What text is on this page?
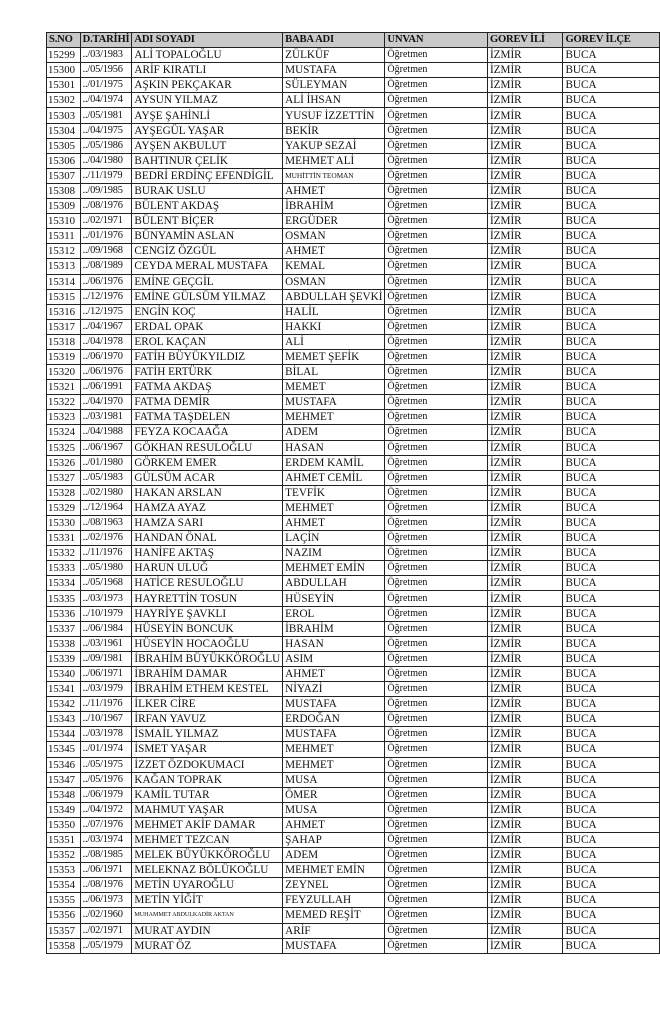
S.NO	D.TARİHİ	ADI SOYADI	BABA ADI	UNVAN	GOREV İLİ	GOREV İLÇE
15299	../03/1983	ALİ TOPALOĞLU	ZÜLKÜF	Öğretmen	İZMİR	BUCA
15300	../05/1956	ARİF KIRATLI	MUSTAFA	Öğretmen	İZMİR	BUCA
15301	../01/1975	AŞKIN PEKÇAKAR	SÜLEYMAN	Öğretmen	İZMİR	BUCA
15302	../04/1974	AYSUN YILMAZ	ALİ İHSAN	Öğretmen	İZMİR	BUCA
15303	../05/1981	AYŞE ŞAHİNLİ	YUSUF İZZETTİN	Öğretmen	İZMİR	BUCA
15304	../04/1975	AYŞEGÜL YAŞAR	BEKİR	Öğretmen	İZMİR	BUCA
15305	../05/1986	AYŞEN AKBULUT	YAKUP SEZAİ	Öğretmen	İZMİR	BUCA
15306	../04/1980	BAHTINUR ÇELİK	MEHMET ALİ	Öğretmen	İZMİR	BUCA
15307	../11/1979	BEDRİ ERDİNÇ EFENDİGİL	MUHİTTİN TEOMAN	Öğretmen	İZMİR	BUCA
15308	../09/1985	BURAK USLU	AHMET	Öğretmen	İZMİR	BUCA
15309	../08/1976	BÜLENT AKDAŞ	İBRAHİM	Öğretmen	İZMİR	BUCA
15310	../02/1971	BÜLENT BİÇER	ERGÜDER	Öğretmen	İZMİR	BUCA
15311	../01/1976	BÜNYAMİN ASLAN	OSMAN	Öğretmen	İZMİR	BUCA
15312	../09/1968	CENGİZ ÖZGÜL	AHMET	Öğretmen	İZMİR	BUCA
15313	../08/1989	CEYDA MERAL MUSTAFA	KEMAL	Öğretmen	İZMİR	BUCA
15314	../06/1976	EMİNE GEÇGİL	OSMAN	Öğretmen	İZMİR	BUCA
15315	../12/1976	EMİNE GÜLSÜM YILMAZ	ABDULLAH ŞEVKİ	Öğretmen	İZMİR	BUCA
15316	../12/1975	ENGİN KOÇ	HALİL	Öğretmen	İZMİR	BUCA
15317	../04/1967	ERDAL OPAK	HAKKI	Öğretmen	İZMİR	BUCA
15318	../04/1978	EROL KAÇAN	ALİ	Öğretmen	İZMİR	BUCA
15319	../06/1970	FATİH BÜYÜKYILDIZ	MEMET ŞEFİK	Öğretmen	İZMİR	BUCA
15320	../06/1976	FATİH ERTÜRK	BİLAL	Öğretmen	İZMİR	BUCA
15321	../06/1991	FATMA AKDAŞ	MEMET	Öğretmen	İZMİR	BUCA
15322	../04/1970	FATMA DEMİR	MUSTAFA	Öğretmen	İZMİR	BUCA
15323	../03/1981	FATMA TAŞDELEN	MEHMET	Öğretmen	İZMİR	BUCA
15324	../04/1988	FEYZA KOCAAĞA	ADEM	Öğretmen	İZMİR	BUCA
15325	../06/1967	GÖKHAN RESULOĞLU	HASAN	Öğretmen	İZMİR	BUCA
15326	../01/1980	GÖRKEM EMER	ERDEM KAMİL	Öğretmen	İZMİR	BUCA
15327	../05/1983	GÜLSÜM ACAR	AHMET CEMİL	Öğretmen	İZMİR	BUCA
15328	../02/1980	HAKAN ARSLAN	TEVFİK	Öğretmen	İZMİR	BUCA
15329	../12/1964	HAMZA AYAZ	MEHMET	Öğretmen	İZMİR	BUCA
15330	../08/1963	HAMZA SARI	AHMET	Öğretmen	İZMİR	BUCA
15331	../02/1976	HANDAN ÖNAL	LAÇİN	Öğretmen	İZMİR	BUCA
15332	../11/1976	HANİFE AKTAŞ	NAZIM	Öğretmen	İZMİR	BUCA
15333	../05/1980	HARUN ULUĞ	MEHMET EMİN	Öğretmen	İZMİR	BUCA
15334	../05/1968	HATİCE RESULOĞLU	ABDULLAH	Öğretmen	İZMİR	BUCA
15335	../03/1973	HAYRETTİN TOSUN	HÜSEYİN	Öğretmen	İZMİR	BUCA
15336	../10/1979	HAYRİYE ŞAVKLI	EROL	Öğretmen	İZMİR	BUCA
15337	../06/1984	HÜSEYİN BONCUK	İBRAHİM	Öğretmen	İZMİR	BUCA
15338	../03/1961	HÜSEYİN HOCAOĞLU	HASAN	Öğretmen	İZMİR	BUCA
15339	../09/1981	İBRAHİM BÜYÜKKÖROĞLU	ASIM	Öğretmen	İZMİR	BUCA
15340	../06/1971	İBRAHİM DAMAR	AHMET	Öğretmen	İZMİR	BUCA
15341	../03/1979	İBRAHİM ETHEM KESTEL	NİYAZİ	Öğretmen	İZMİR	BUCA
15342	../11/1976	İLKER CİRE	MUSTAFA	Öğretmen	İZMİR	BUCA
15343	../10/1967	İRFAN YAVUZ	ERDOĞAN	Öğretmen	İZMİR	BUCA
15344	../03/1978	İSMAİL YILMAZ	MUSTAFA	Öğretmen	İZMİR	BUCA
15345	../01/1974	İSMET YAŞAR	MEHMET	Öğretmen	İZMİR	BUCA
15346	../05/1975	İZZET ÖZDOKUMACI	MEHMET	Öğretmen	İZMİR	BUCA
15347	../05/1976	KAĞAN TOPRAK	MUSA	Öğretmen	İZMİR	BUCA
15348	../06/1979	KAMİL TUTAR	ÖMER	Öğretmen	İZMİR	BUCA
15349	../04/1972	MAHMUT YAŞAR	MUSA	Öğretmen	İZMİR	BUCA
15350	../07/1976	MEHMET AKİF DAMAR	AHMET	Öğretmen	İZMİR	BUCA
15351	../03/1974	MEHMET TEZCAN	ŞAHAP	Öğretmen	İZMİR	BUCA
15352	../08/1985	MELEK BÜYÜKKÖROĞLU	ADEM	Öğretmen	İZMİR	BUCA
15353	../06/1971	MELEKNAZ BÖLÜKOĞLU	MEHMET EMİN	Öğretmen	İZMİR	BUCA
15354	../08/1976	METİN UYAROĞLU	ZEYNEL	Öğretmen	İZMİR	BUCA
15355	../06/1973	METİN YİĞİT	FEYZULLAH	Öğretmen	İZMİR	BUCA
15356	../02/1960	MUHAMMET ABDULKADİR AKTAN	MEMED REŞİT	Öğretmen	İZMİR	BUCA
15357	../02/1971	MURAT AYDIN	ARİF	Öğretmen	İZMİR	BUCA
15358	../05/1979	MURAT ÖZ	MUSTAFA	Öğretmen	İZMİR	BUCA
